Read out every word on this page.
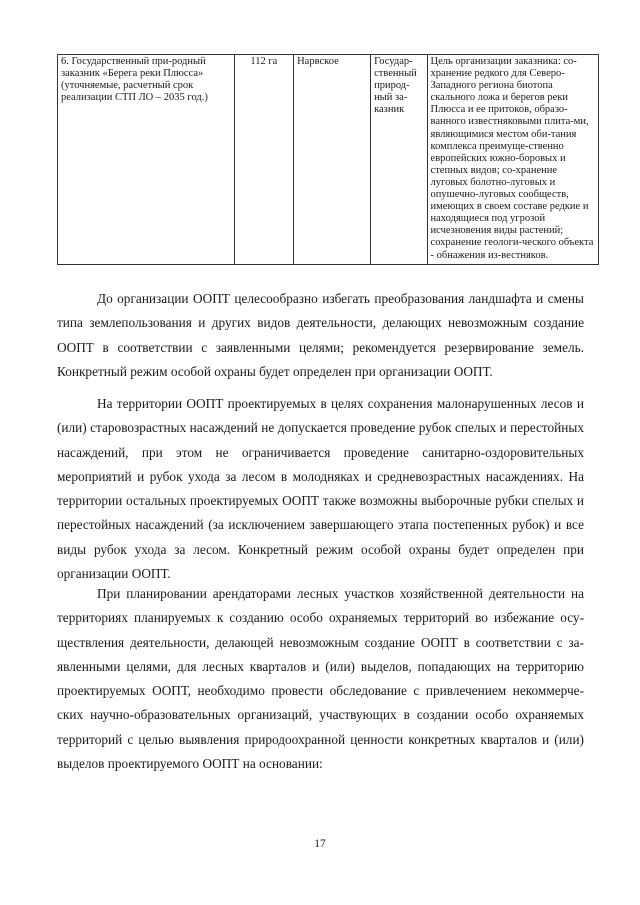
6. Государственный при-родный заказник «Берега реки Плюсса» (уточняемые, расчетный срок реализации СТП ЛО – 2035 год.)	112 га	Нарвское	Государ-ственный природ-ный за-казник	Цель организации заказника: со-хранение редкого для Северо-Западного региона биотопа скального ложа и берегов реки Плюсса и ее притоков, образо-ванного известняковыми плита-ми, являющимися местом оби-тания комплекса преимуще-ственно европейских южно-боровых и степных видов; со-хранение луговых болотно-луговых и опушечно-луговых сообществ, имеющих в своем составе редкие и находящиеся под угрозой исчезновения виды растений; сохранение геологи-ческого объекта - обнажения из-вестняков.

До организации ООПТ целесообразно избегать преобразования ландшафта и смены типа землепользования и других видов деятельности, делающих невозможным создание ООПТ в соответствии с заявленными целями; рекомендуется резервирование земель. Конкретный режим особой охраны будет определен при организации ООПТ.

На территории ООПТ проектируемых в целях сохранения малонарушенных лесов и (или) старовозрастных насаждений не допускается проведение рубок спелых и перестойных насаждений, при этом не ограничивается проведение санитарно-оздоровительных мероприятий и рубок ухода за лесом в молодняках и средневозрастных насаждениях. На территории остальных проектируемых ООПТ также возможны выборочные рубки спелых и перестойных насаждений (за исключением завершающего этапа постепенных рубок) и все виды рубок ухода за лесом. Конкретный режим особой охраны будет определен при организации ООПТ.

При планировании арендаторами лесных участков хозяйственной деятельности на территориях планируемых к созданию особо охраняемых территорий во избежание осу-ществления деятельности, делающей невозможным создание ООПТ в соответствии с за-явленными целями, для лесных кварталов и (или) выделов, попадающих на территорию проектируемых ООПТ, необходимо провести обследование с привлечением некоммерче-ских научно-образовательных организаций, участвующих в создании особо охраняемых территорий с целью выявления природоохранной ценности конкретных кварталов и (или) выделов проектируемого ООПТ на основании:

17
